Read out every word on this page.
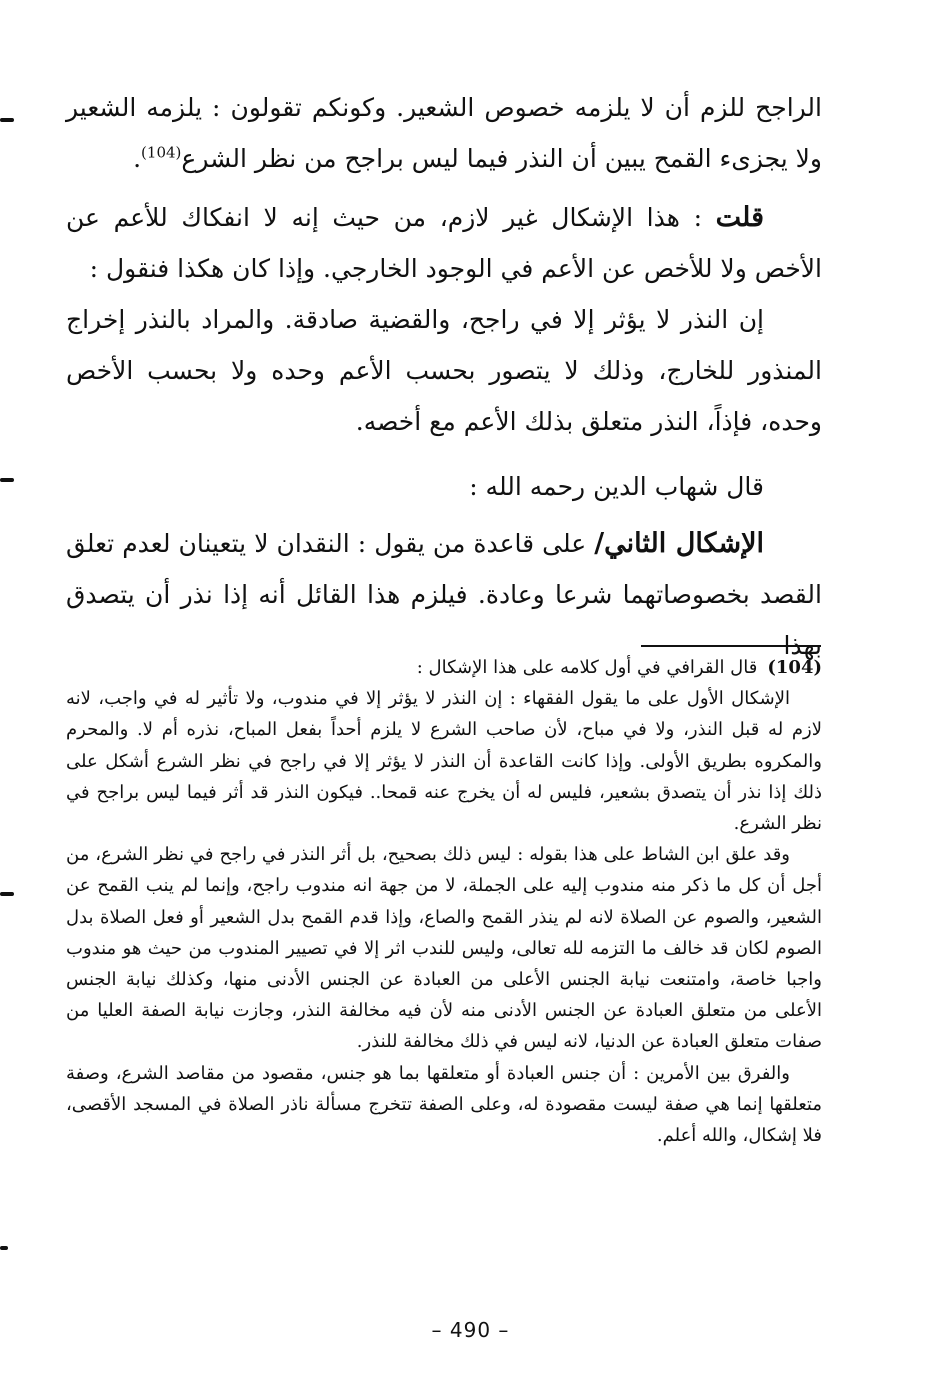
الراجح للزم أن لا يلزمه خصوص الشعير. وكونكم تقولون : يلزمه الشعير ولا يجزىء القمح يبين أن النذر فيما ليس براجح من نظر الشرع$^{(104)}$.

قلت : هذا الإشكال غير لازم، من حيث إنه لا انفكاك للأعم عن الأخص ولا للأخص عن الأعم في الوجود الخارجي. وإذا كان هكذا فنقول :

إن النذر لا يؤثر إلا في راجح، والقضية صادقة. والمراد بالنذر إخراج المنذور للخارج، وذلك لا يتصور بحسب الأعم وحده ولا بحسب الأخص وحده، فإذاً، النذر متعلق بذلك الأعم مع أخصه.

قال شهاب الدين رحمه الله :

الإشكال الثاني/ على قاعدة من يقول : النقدان لا يتعينان لعدم تعلق القصد بخصوصاتهما شرعا وعادة. فيلزم هذا القائل أنه إذا نذر أن يتصدق بهذا

(104)قال القرافي في أول كلامه على هذا الإشكال :

الإشكال الأول على ما يقول الفقهاء : إن النذر لا يؤثر إلا في مندوب، ولا تأثير له في واجب، لانه لازم له قبل النذر، ولا في مباح، لأن صاحب الشرع لا يلزم أحداً بفعل المباح، نذره أم لا. والمحرم والمكروه بطريق الأولى. وإذا كانت القاعدة أن النذر لا يؤثر إلا في راجح في نظر الشرع أشكل على ذلك إذا نذر أن يتصدق بشعير، فليس له أن يخرج عنه قمحا.. فيكون النذر قد أثر فيما ليس براجح في نظر الشرع.

وقد علق ابن الشاط على هذا بقوله : ليس ذلك بصحيح، بل أثر النذر في راجح في نظر الشرع، من أجل أن كل ما ذكر منه مندوب إليه على الجملة، لا من جهة انه مندوب راجح، وإنما لم ينب القمح عن الشعير، والصوم عن الصلاة لانه لم ينذر القمح والصاع، وإذا قدم القمح بدل الشعير أو فعل الصلاة بدل الصوم لكان قد خالف ما التزمه لله تعالى، وليس للندب اثر إلا في تصيير المندوب من حيث هو مندوب واجبا خاصة، وامتنعت نيابة الجنس الأعلى من العبادة عن الجنس الأدنى منها، وكذلك نيابة الجنس الأعلى من متعلق العبادة عن الجنس الأدنى منه لأن فيه مخالفة النذر، وجازت نيابة الصفة العليا من صفات متعلق العبادة عن الدنيا، لانه ليس في ذلك مخالفة للنذر.

والفرق بين الأمرين : أن جنس العبادة أو متعلقها بما هو جنس، مقصود من مقاصد الشرع، وصفة متعلقها إنما هي صفة ليست مقصودة له، وعلى الصفة تتخرج مسألة ناذر الصلاة في المسجد الأقصى، فلا إشكال، والله أعلم.

– 490 –
